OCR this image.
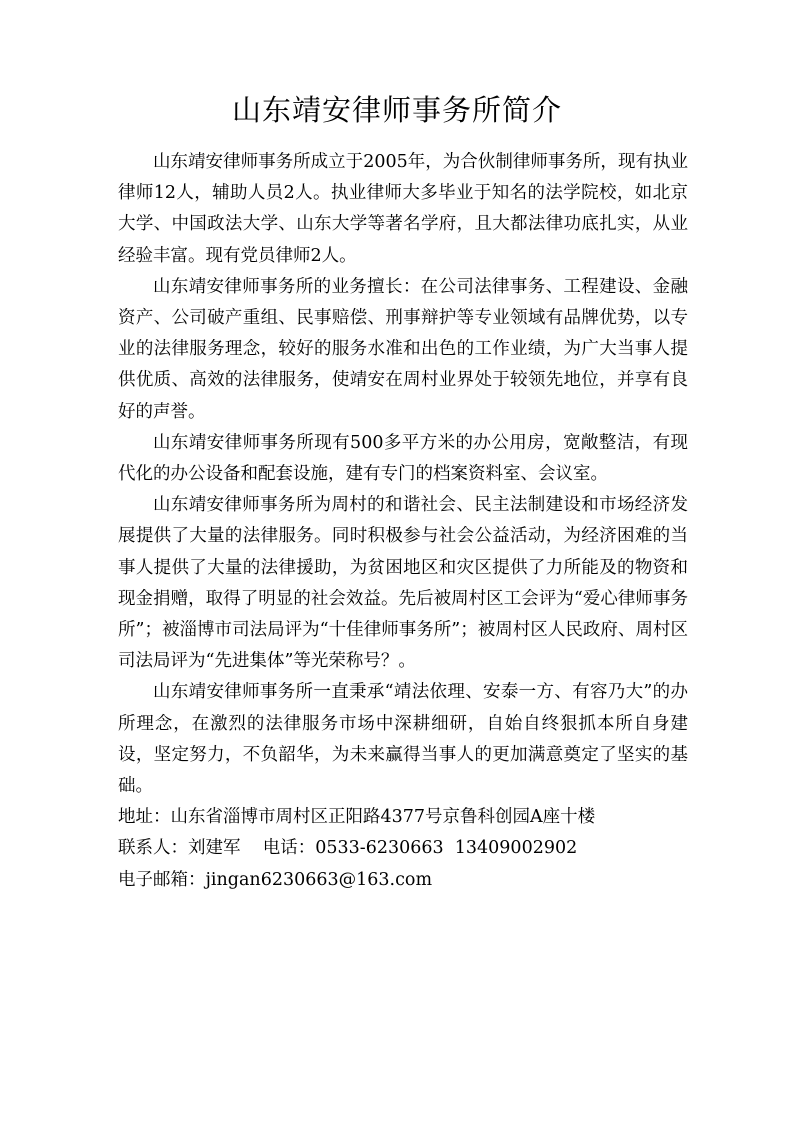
山东靖安律师事务所简介

山东靖安律师事务所成立于2005年，为合伙制律师事务所，现有执业律师12人，辅助人员2人。执业律师大多毕业于知名的法学院校，如北京大学、中国政法大学、山东大学等著名学府，且大都法律功底扎实，从业经验丰富。现有党员律师2人。

山东靖安律师事务所的业务擅长：在公司法律事务、工程建设、金融资产、公司破产重组、民事赔偿、刑事辩护等专业领域有品牌优势，以专业的法律服务理念，较好的服务水准和出色的工作业绩，为广大当事人提供优质、高效的法律服务，使靖安在周村业界处于较领先地位，并享有良好的声誉。

山东靖安律师事务所现有500多平方米的办公用房，宽敞整洁，有现代化的办公设备和配套设施，建有专门的档案资料室、会议室。

山东靖安律师事务所为周村的和谐社会、民主法制建设和市场经济发展提供了大量的法律服务。同时积极参与社会公益活动，为经济困难的当事人提供了大量的法律援助，为贫困地区和灾区提供了力所能及的物资和现金捐赠，取得了明显的社会效益。先后被周村区工会评为“爱心律师事务所”；被淄博市司法局评为“十佳律师事务所”；被周村区人民政府、周村区司法局评为“先进集体”等光荣称号？。

山东靖安律师事务所一直秉承“靖法依理、安泰一方、有容乃大”的办所理念，在激烈的法律服务市场中深耕细研，自始自终狠抓本所自身建设，坚定努力，不负韶华，为未来赢得当事人的更加满意奠定了坚实的基础。

地址：山东省淄博市周村区正阳路4377号京鲁科创园A座十楼

联系人：刘建军    电话：0533-6230663  13409002902

电子邮箱：jingan6230663@163.com
